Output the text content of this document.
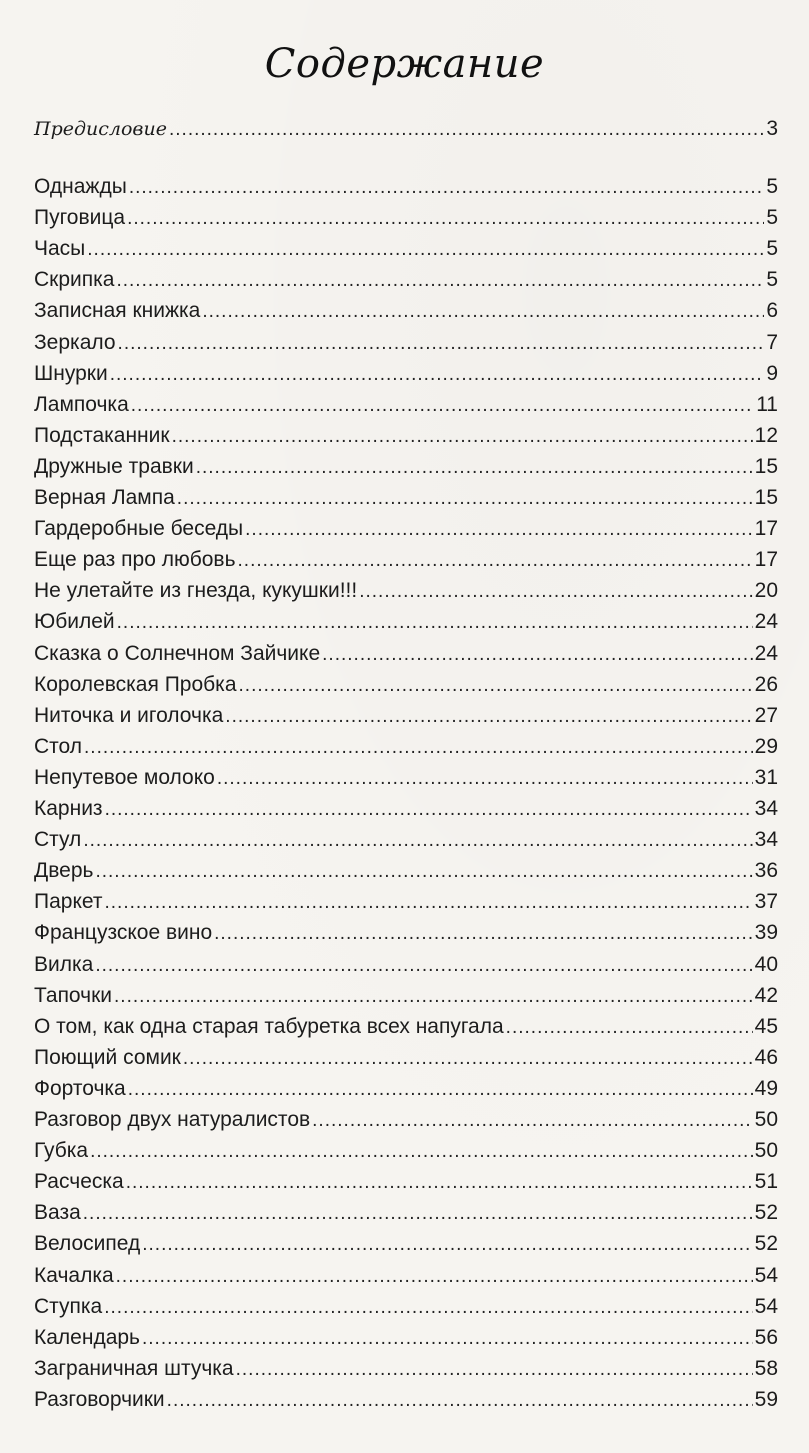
Содержание
Предисловие .....	3
Однажды .....	5
Пуговица .....	5
Часы .....	5
Скрипка .....	5
Записная книжка .....	6
Зеркало .....	7
Шнурки .....	9
Лампочка .....	11
Подстаканник .....	12
Дружные травки .....	15
Верная Лампа .....	15
Гардеробные беседы .....	17
Еще раз про любовь .....	17
Не улетайте из гнезда, кукушки!!! .....	20
Юбилей .....	24
Сказка о Солнечном Зайчике .....	24
Королевская Пробка .....	26
Ниточка и иголочка .....	27
Стол .....	29
Непутевое молоко .....	31
Карниз .....	34
Стул .....	34
Дверь .....	36
Паркет .....	37
Французское вино .....	39
Вилка .....	40
Тапочки .....	42
О том, как одна старая табуретка всех напугала .....	45
Поющий сомик .....	46
Форточка .....	49
Разговор двух натуралистов .....	50
Губка .....	50
Расческа .....	51
Ваза .....	52
Велосипед .....	52
Качалка .....	54
Ступка .....	54
Календарь .....	56
Заграничная штучка .....	58
Разговорчики .....	59
